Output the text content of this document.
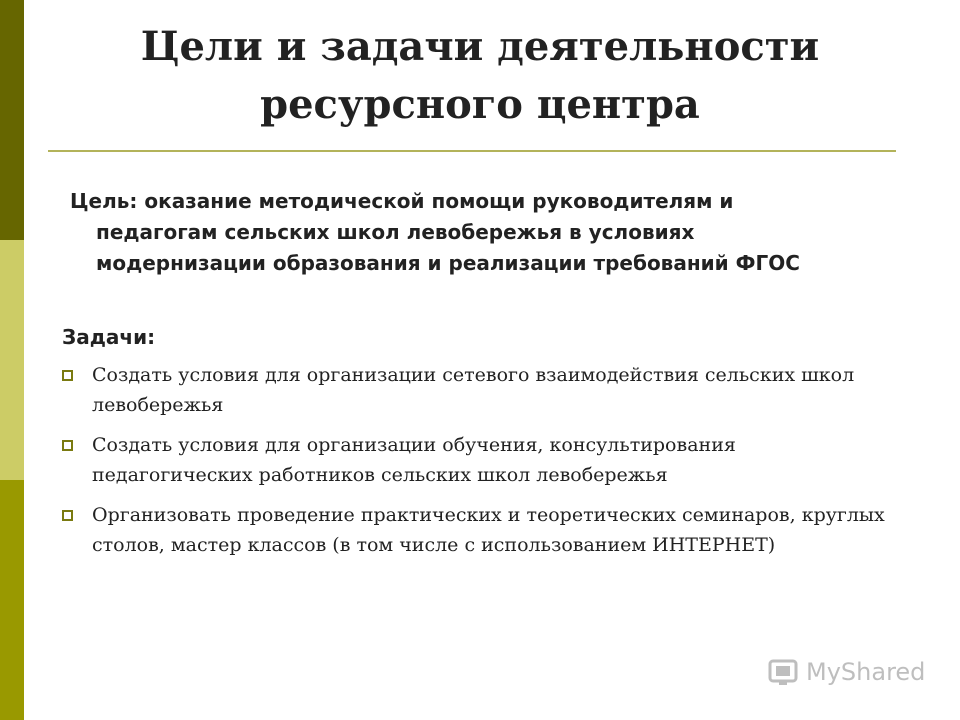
Цели и задачи деятельности
ресурсного центра

Цель: оказание методической помощи руководителям и педагогам сельских школ левобережья в условиях модернизации образования и реализации требований ФГОС

Задачи:

Создать условия для организации сетевого взаимодействия сельских школ левобережья
Создать условия для организации обучения, консультирования педагогических работников сельских школ левобережья
Организовать проведение практических и теоретических семинаров, круглых столов, мастер классов (в том числе с использованием ИНТЕРНЕТ)
MyShared
